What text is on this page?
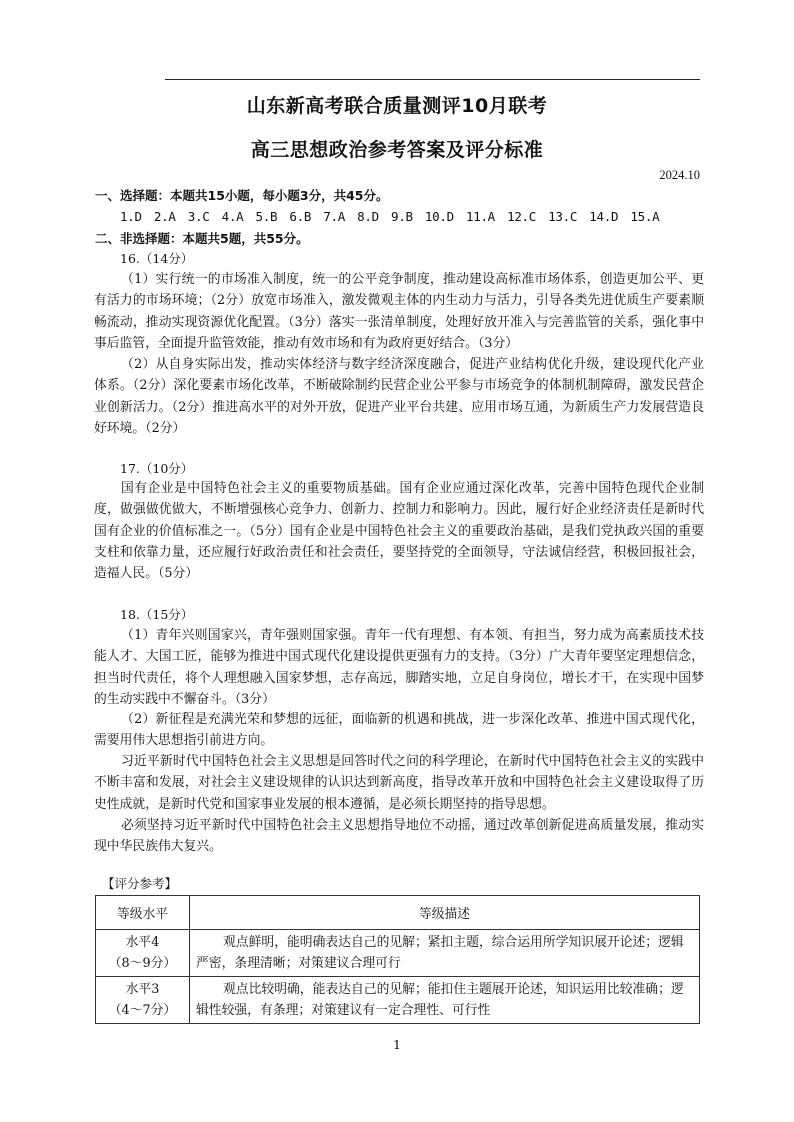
山东新高考联合质量测评10月联考
高三思想政治参考答案及评分标准
2024.10
一、选择题：本题共15小题，每小题3分，共45分。
1.D　2.A　3.C　4.A　5.B　6.B　7.A　8.D　9.B　10.D　11.A　12.C　13.C　14.D　15.A
二、非选择题：本题共5题，共55分。
16.（14分）
（1）实行统一的市场准入制度，统一的公平竞争制度，推动建设高标准市场体系，创造更加公平、更有活力的市场环境；（2分）放宽市场准入，激发微观主体的内生动力与活力，引导各类先进优质生产要素顺畅流动，推动实现资源优化配置。（3分）落实一张清单制度，处理好放开准入与完善监管的关系，强化事中事后监管，全面提升监管效能，推动有效市场和有为政府更好结合。（3分）
（2）从自身实际出发，推动实体经济与数字经济深度融合，促进产业结构优化升级，建设现代化产业体系。（2分）深化要素市场化改革，不断破除制约民营企业公平参与市场竞争的体制机制障碍，激发民营企业创新活力。（2分）推进高水平的对外开放，促进产业平台共建、应用市场互通，为新质生产力发展营造良好环境。（2分）
17.（10分）
国有企业是中国特色社会主义的重要物质基础。国有企业应通过深化改革，完善中国特色现代企业制度，做强做优做大，不断增强核心竞争力、创新力、控制力和影响力。因此，履行好企业经济责任是新时代国有企业的价值标准之一。（5分）国有企业是中国特色社会主义的重要政治基础，是我们党执政兴国的重要支柱和依靠力量，还应履行好政治责任和社会责任，要坚持党的全面领导，守法诚信经营，积极回报社会，造福人民。（5分）
18.（15分）
（1）青年兴则国家兴，青年强则国家强。青年一代有理想、有本领、有担当，努力成为高素质技术技能人才、大国工匠，能够为推进中国式现代化建设提供更强有力的支持。（3分）广大青年要坚定理想信念，担当时代责任，将个人理想融入国家梦想，志存高远，脚踏实地，立足自身岗位，增长才干，在实现中国梦的生动实践中不懈奋斗。（3分）
（2）新征程是充满光荣和梦想的远征，面临新的机遇和挑战，进一步深化改革、推进中国式现代化，需要用伟大思想指引前进方向。
习近平新时代中国特色社会主义思想是回答时代之问的科学理论，在新时代中国特色社会主义的实践中不断丰富和发展，对社会主义建设规律的认识达到新高度，指导改革开放和中国特色社会主义建设取得了历史性成就，是新时代党和国家事业发展的根本遵循，是必须长期坚持的指导思想。
必须坚持习近平新时代中国特色社会主义思想指导地位不动摇，通过改革创新促进高质量发展，推动实现中华民族伟大复兴。
【评分参考】
等级水平	等级描述

水平4
（8～9分）	观点鲜明，能明确表达自己的见解；紧扣主题，综合运用所学知识展开论述；逻辑严密，条理清晰；对策建议合理可行

水平3
（4～7分）	观点比较明确，能表达自己的见解；能扣住主题展开论述，知识运用比较准确；逻辑性较强，有条理；对策建议有一定合理性、可行性
1
